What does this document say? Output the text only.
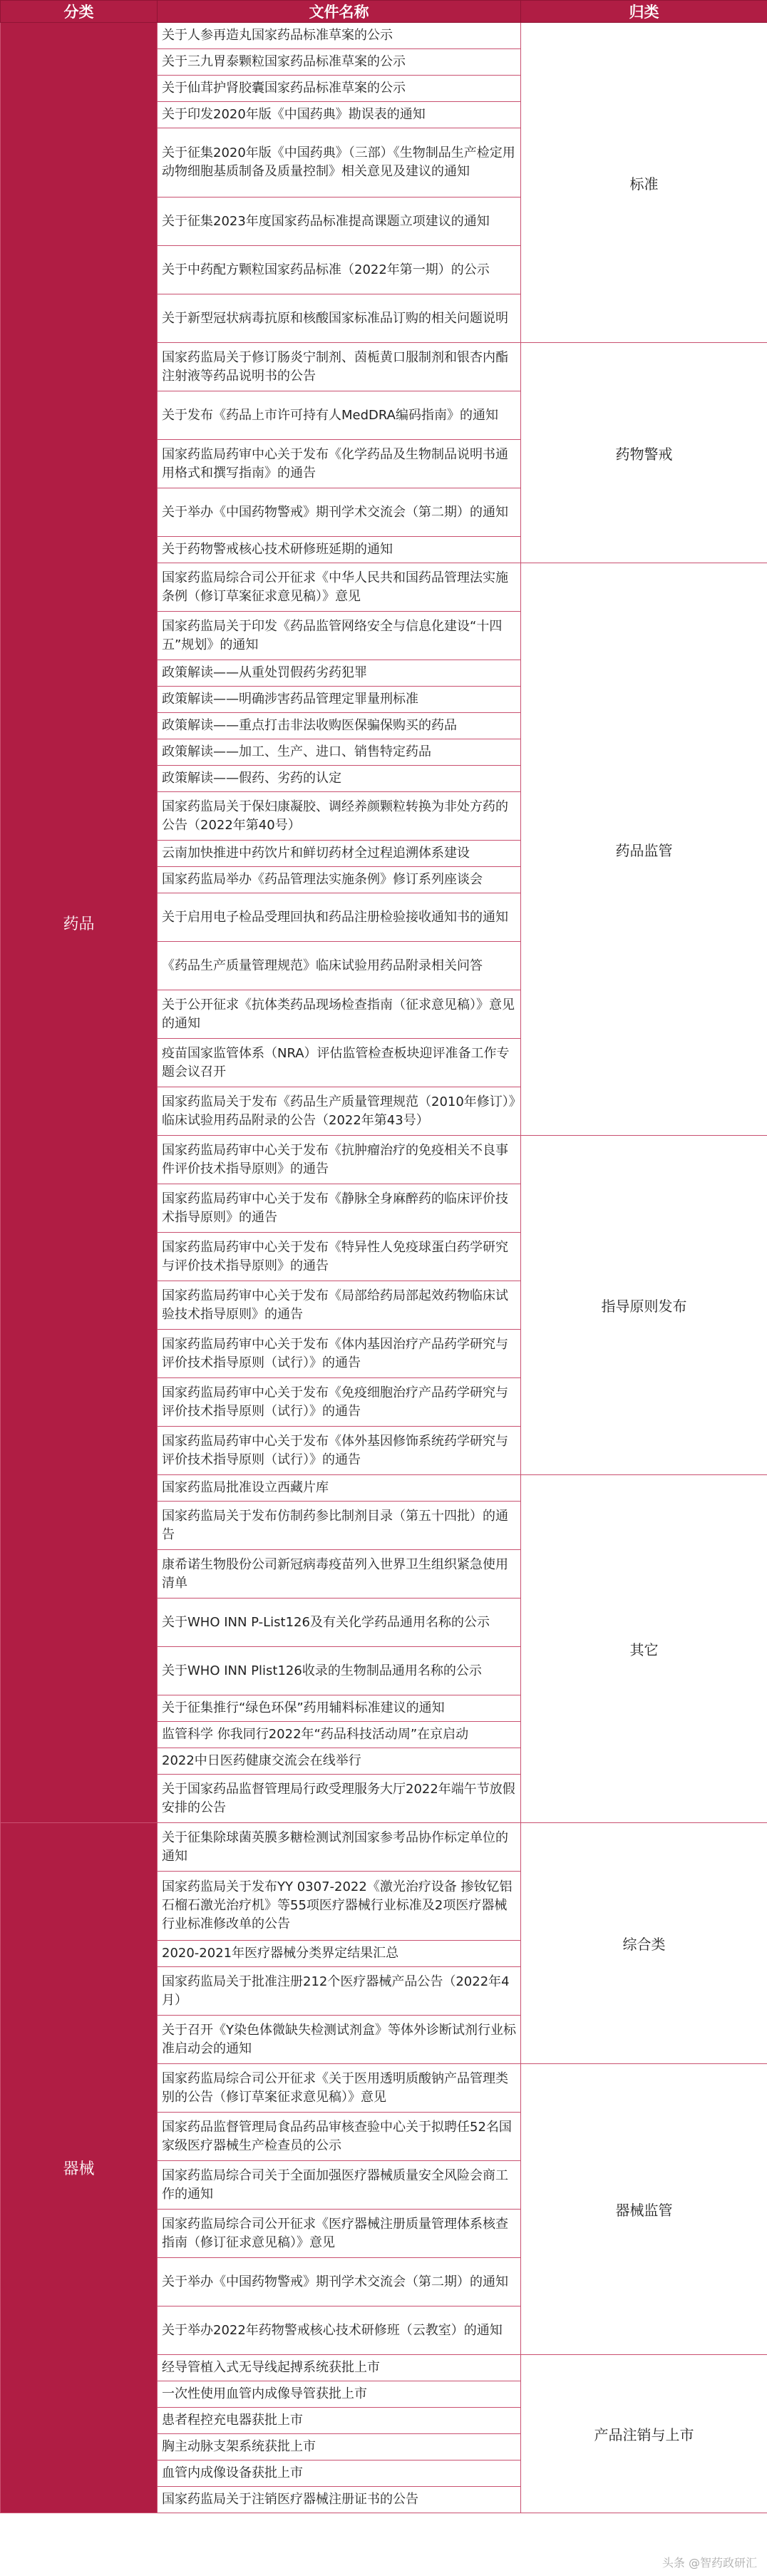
分类	文件名称	归类
药品	关于人参再造丸国家药品标准草案的公示	标准

	关于三九胃泰颗粒国家药品标准草案的公示	

	关于仙茸护肾胶囊国家药品标准草案的公示	

	关于印发2020年版《中国药典》勘误表的通知	

	关于征集2020年版《中国药典》（三部）《生物制品生产检定用动物细胞基质制备及质量控制》相关意见及建议的通知	

	关于征集2023年度国家药品标准提高课题立项建议的通知	

	关于中药配方颗粒国家药品标准（2022年第一期）的公示	

	关于新型冠状病毒抗原和核酸国家标准品订购的相关问题说明	

	国家药监局关于修订肠炎宁制剂、茵栀黄口服制剂和银杏内酯注射液等药品说明书的公告	药物警戒

	关于发布《药品上市许可持有人MedDRA编码指南》的通知	

	国家药监局药审中心关于发布《化学药品及生物制品说明书通用格式和撰写指南》的通告	

	关于举办《中国药物警戒》期刊学术交流会（第二期）的通知	

	关于药物警戒核心技术研修班延期的通知	

	国家药监局综合司公开征求《中华人民共和国药品管理法实施条例（修订草案征求意见稿）》意见	药品监管

	国家药监局关于印发《药品监管网络安全与信息化建设“十四五”规划》的通知	

	政策解读——从重处罚假药劣药犯罪	

	政策解读——明确涉害药品管理定罪量刑标准	

	政策解读——重点打击非法收购医保骗保购买的药品	

	政策解读——加工、生产、进口、销售特定药品	

	政策解读——假药、劣药的认定	

	国家药监局关于保妇康凝胶、调经养颜颗粒转换为非处方药的公告（2022年第40号）	

	云南加快推进中药饮片和鲜切药材全过程追溯体系建设	

	国家药监局举办《药品管理法实施条例》修订系列座谈会	

	关于启用电子检品受理回执和药品注册检验接收通知书的通知	

	《药品生产质量管理规范》临床试验用药品附录相关问答	

	关于公开征求《抗体类药品现场检查指南（征求意见稿）》意见的通知	

	疫苗国家监管体系（NRA）评估监管检查板块迎评准备工作专题会议召开	

	国家药监局关于发布《药品生产质量管理规范（2010年修订）》临床试验用药品附录的公告（2022年第43号）	

	国家药监局药审中心关于发布《抗肿瘤治疗的免疫相关不良事件评价技术指导原则》的通告	指导原则发布

	国家药监局药审中心关于发布《静脉全身麻醉药的临床评价技术指导原则》的通告	

	国家药监局药审中心关于发布《特异性人免疫球蛋白药学研究与评价技术指导原则》的通告	

	国家药监局药审中心关于发布《局部给药局部起效药物临床试验技术指导原则》的通告	

	国家药监局药审中心关于发布《体内基因治疗产品药学研究与评价技术指导原则（试行）》的通告	

	国家药监局药审中心关于发布《免疫细胞治疗产品药学研究与评价技术指导原则（试行）》的通告	

	国家药监局药审中心关于发布《体外基因修饰系统药学研究与评价技术指导原则（试行）》的通告	

	国家药监局批准设立西藏片库	其它

	国家药监局关于发布仿制药参比制剂目录（第五十四批）的通告	

	康希诺生物股份公司新冠病毒疫苗列入世界卫生组织紧急使用清单	

	关于WHO INN P-List126及有关化学药品通用名称的公示	

	关于WHO INN Plist126收录的生物制品通用名称的公示	

	关于征集推行“绿色环保”药用辅料标准建议的通知	

	监管科学 你我同行2022年“药品科技活动周”在京启动	

	2022中日医药健康交流会在线举行	

	关于国家药品监督管理局行政受理服务大厅2022年端午节放假安排的公告	

器械	关于征集除球菌英膜多糖检测试剂国家参考品协作标定单位的通知	综合类

	国家药监局关于发布YY 0307-2022《激光治疗设备 掺钕钇铝石榴石激光治疗机》等55项医疗器械行业标准及2项医疗器械行业标准修改单的公告	

	2020-2021年医疗器械分类界定结果汇总	

	国家药监局关于批准注册212个医疗器械产品公告（2022年4月）	

	关于召开《Y染色体微缺失检测试剂盒》等体外诊断试剂行业标准启动会的通知	

	国家药监局综合司公开征求《关于医用透明质酸钠产品管理类别的公告（修订草案征求意见稿）》意见	器械监管

	国家药品监督管理局食品药品审核查验中心关于拟聘任52名国家级医疗器械生产检查员的公示	

	国家药监局综合司关于全面加强医疗器械质量安全风险会商工作的通知	

	国家药监局综合司公开征求《医疗器械注册质量管理体系核查指南（修订征求意见稿）》意见	

	关于举办《中国药物警戒》期刊学术交流会（第二期）的通知	

	关于举办2022年药物警戒核心技术研修班（云教室）的通知	

	经导管植入式无导线起搏系统获批上市	产品注销与上市

	一次性使用血管内成像导管获批上市	

	患者程控充电器获批上市	

	胸主动脉支架系统获批上市	

	血管内成像设备获批上市	

	国家药监局关于注销医疗器械注册证书的公告	
头条 @智药政研汇
